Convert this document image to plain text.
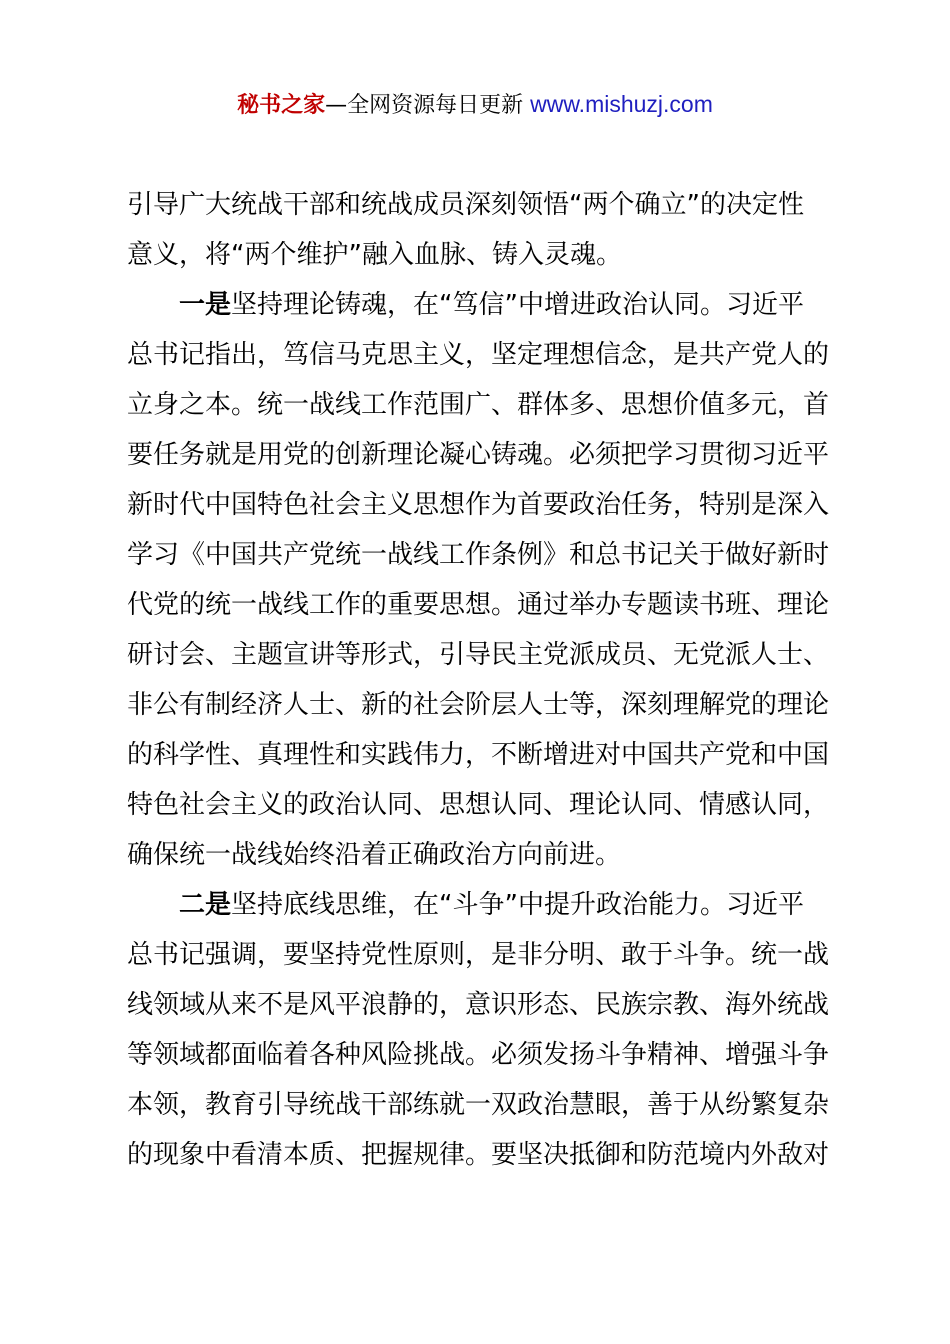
秘书之家—全网资源每日更新 www.mishuzj.com
引导广大统战干部和统战成员深刻领悟“两个确立”的决定性
意义，将“两个维护”融入血脉、铸入灵魂。
一是坚持理论铸魂，在“笃信”中增进政治认同。习近平
总书记指出，笃信马克思主义，坚定理想信念，是共产党人的
立身之本。统一战线工作范围广、群体多、思想价值多元，首
要任务就是用党的创新理论凝心铸魂。必须把学习贯彻习近平
新时代中国特色社会主义思想作为首要政治任务，特别是深入
学习《中国共产党统一战线工作条例》和总书记关于做好新时
代党的统一战线工作的重要思想。通过举办专题读书班、理论
研讨会、主题宣讲等形式，引导民主党派成员、无党派人士、
非公有制经济人士、新的社会阶层人士等，深刻理解党的理论
的科学性、真理性和实践伟力，不断增进对中国共产党和中国
特色社会主义的政治认同、思想认同、理论认同、情感认同，
确保统一战线始终沿着正确政治方向前进。
二是坚持底线思维，在“斗争”中提升政治能力。习近平
总书记强调，要坚持党性原则，是非分明、敢于斗争。统一战
线领域从来不是风平浪静的，意识形态、民族宗教、海外统战
等领域都面临着各种风险挑战。必须发扬斗争精神、增强斗争
本领，教育引导统战干部练就一双政治慧眼，善于从纷繁复杂
的现象中看清本质、把握规律。要坚决抵御和防范境内外敌对
